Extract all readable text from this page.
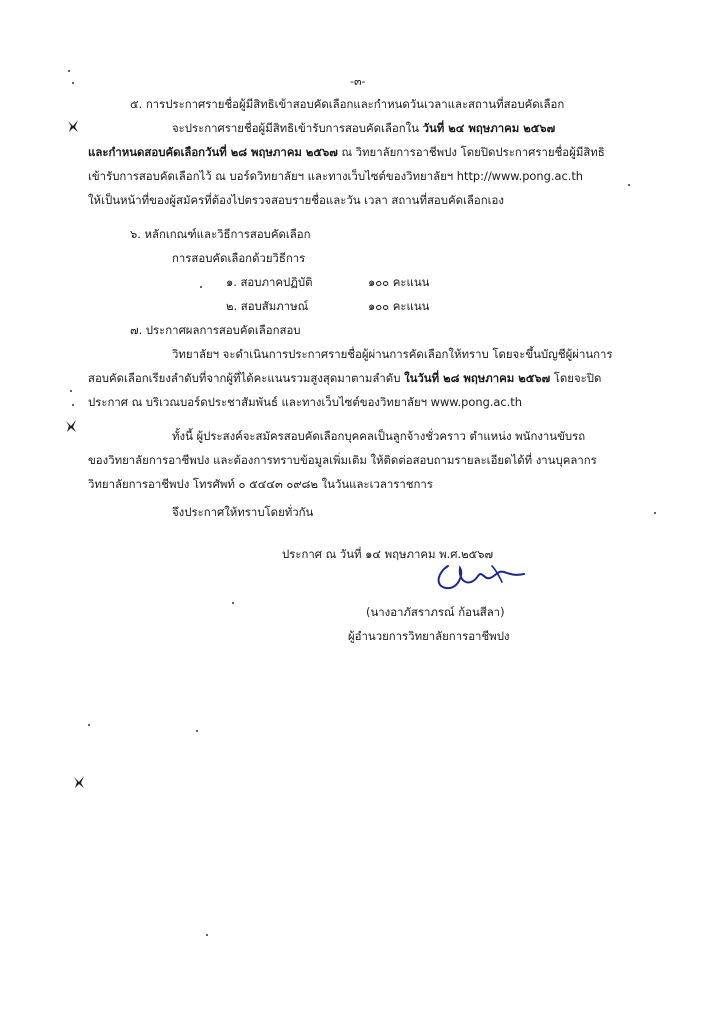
-๓-
๕. การประกาศรายชื่อผู้มีสิทธิเข้าสอบคัดเลือกและกำหนดวันเวลาและสถานที่สอบคัดเลือก
จะประกาศรายชื่อผู้มีสิทธิเข้ารับการสอบคัดเลือกใน วันที่ ๒๔ พฤษภาคม ๒๕๖๗
และกำหนดสอบคัดเลือกวันที่ ๒๘ พฤษภาคม ๒๕๖๗ ณ วิทยาลัยการอาชีพปง โดยปิดประกาศรายชื่อผู้มีสิทธิ
เข้ารับการสอบคัดเลือกไว้ ณ บอร์ดวิทยาลัยฯ และทางเว็บไซต์ของวิทยาลัยฯ http://www.pong.ac.th
ให้เป็นหน้าที่ของผู้สมัครที่ต้องไปตรวจสอบรายชื่อและวัน เวลา สถานที่สอบคัดเลือกเอง
๖. หลักเกณฑ์และวิธีการสอบคัดเลือก
การสอบคัดเลือกด้วยวิธีการ
๑. สอบภาคปฏิบัติ	๑๐๐ คะแนน
๒. สอบสัมภาษณ์	๑๐๐ คะแนน
๗. ประกาศผลการสอบคัดเลือกสอบ
วิทยาลัยฯ จะดำเนินการประกาศรายชื่อผู้ผ่านการคัดเลือกให้ทราบ โดยจะขึ้นบัญชีผู้ผ่านการ
สอบคัดเลือกเรียงลำดับที่จากผู้ที่ได้คะแนนรวมสูงสุดมาตามลำดับ ในวันที่ ๒๘ พฤษภาคม ๒๕๖๗ โดยจะปิด
ประกาศ ณ บริเวณบอร์ดประชาสัมพันธ์ และทางเว็บไซต์ของวิทยาลัยฯ www.pong.ac.th
ทั้งนี้ ผู้ประสงค์จะสมัครสอบคัดเลือกบุคคลเป็นลูกจ้างชั่วคราว ตำแหน่ง พนักงานขับรถ
ของวิทยาลัยการอาชีพปง และต้องการทราบข้อมูลเพิ่มเติม ให้ติดต่อสอบถามรายละเอียดได้ที่ งานบุคลากร
วิทยาลัยการอาชีพปง โทรศัพท์ ๐ ๕๔๔๓ ๐๙๘๒ ในวันและเวลาราชการ
จึงประกาศให้ทราบโดยทั่วกัน
ประกาศ ณ วันที่ ๑๔ พฤษภาคม พ.ศ.๒๕๖๗
(นางอาภัสราภรณ์ ก้อนสีลา)
ผู้อำนวยการวิทยาลัยการอาชีพปง
